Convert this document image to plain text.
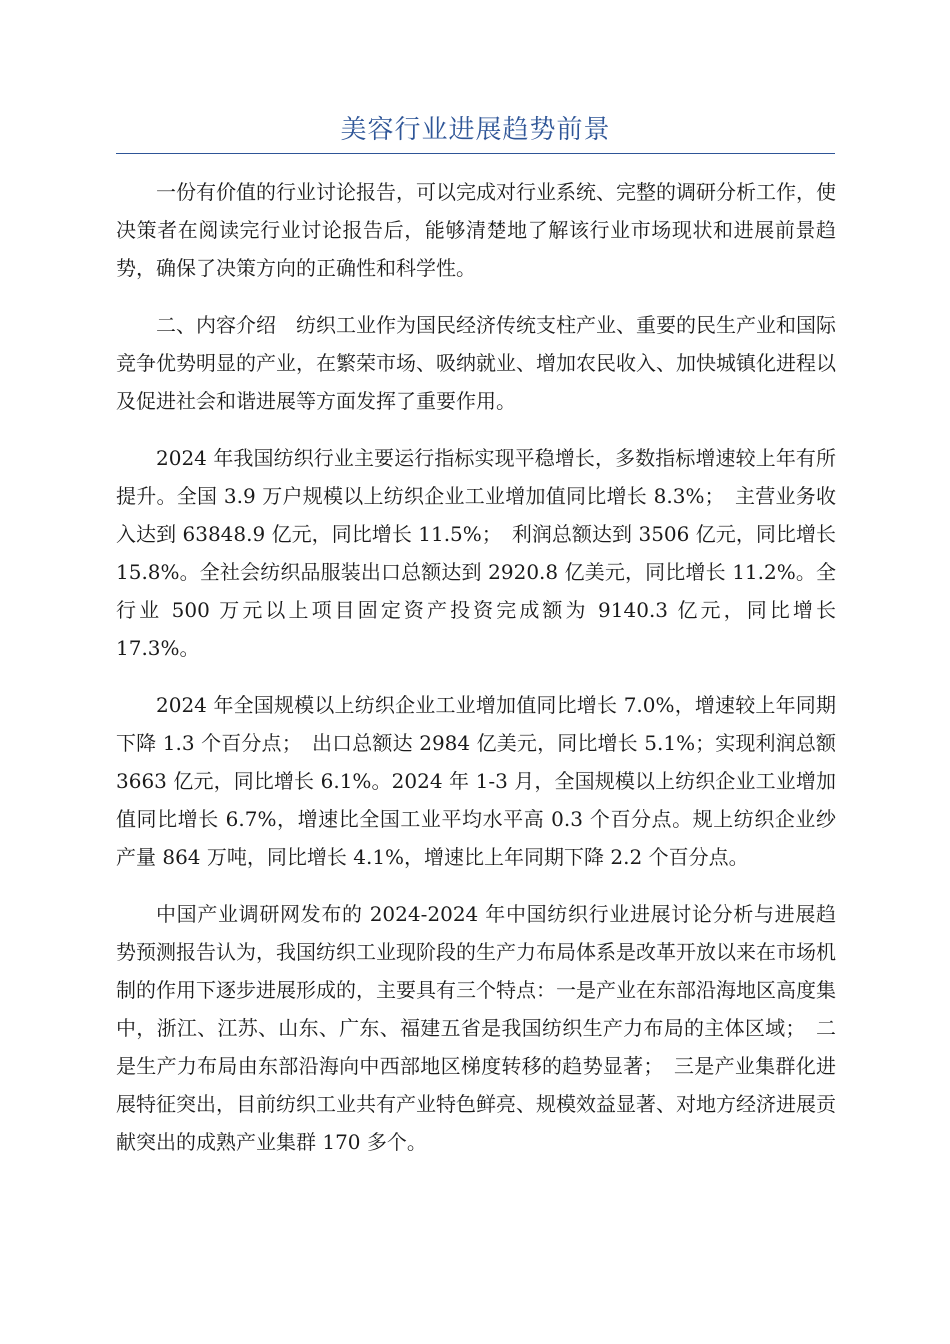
美容行业进展趋势前景

一份有价值的行业讨论报告，可以完成对行业系统、完整的调研分析工作，使决策者在阅读完行业讨论报告后，能够清楚地了解该行业市场现状和进展前景趋势，确保了决策方向的正确性和科学性。

二、内容介绍　纺织工业作为国民经济传统支柱产业、重要的民生产业和国际竞争优势明显的产业，在繁荣市场、吸纳就业、增加农民收入、加快城镇化进程以及促进社会和谐进展等方面发挥了重要作用。

2024 年我国纺织行业主要运行指标实现平稳增长，多数指标增速较上年有所提升。全国 3.9 万户规模以上纺织企业工业增加值同比增长 8.3%；　主营业务收入达到 63848.9 亿元，同比增长 11.5%；　利润总额达到 3506 亿元，同比增长 15.8%。全社会纺织品服装出口总额达到 2920.8 亿美元，同比增长 11.2%。全行业 500 万元以上项目固定资产投资完成额为 9140.3 亿元，同比增长 17.3%。

2024 年全国规模以上纺织企业工业增加值同比增长 7.0%，增速较上年同期下降 1.3 个百分点；　出口总额达 2984 亿美元，同比增长 5.1%；实现利润总额 3663 亿元，同比增长 6.1%。2024 年 1-3 月，全国规模以上纺织企业工业增加值同比增长 6.7%，增速比全国工业平均水平高 0.3 个百分点。规上纺织企业纱产量 864 万吨，同比增长 4.1%，增速比上年同期下降 2.2 个百分点。

中国产业调研网发布的 2024-2024 年中国纺织行业进展讨论分析与进展趋势预测报告认为，我国纺织工业现阶段的生产力布局体系是改革开放以来在市场机制的作用下逐步进展形成的，主要具有三个特点：一是产业在东部沿海地区高度集中，浙江、江苏、山东、广东、福建五省是我国纺织生产力布局的主体区域；　二是生产力布局由东部沿海向中西部地区梯度转移的趋势显著；　三是产业集群化进展特征突出，目前纺织工业共有产业特色鲜亮、规模效益显著、对地方经济进展贡献突出的成熟产业集群 170 多个。
